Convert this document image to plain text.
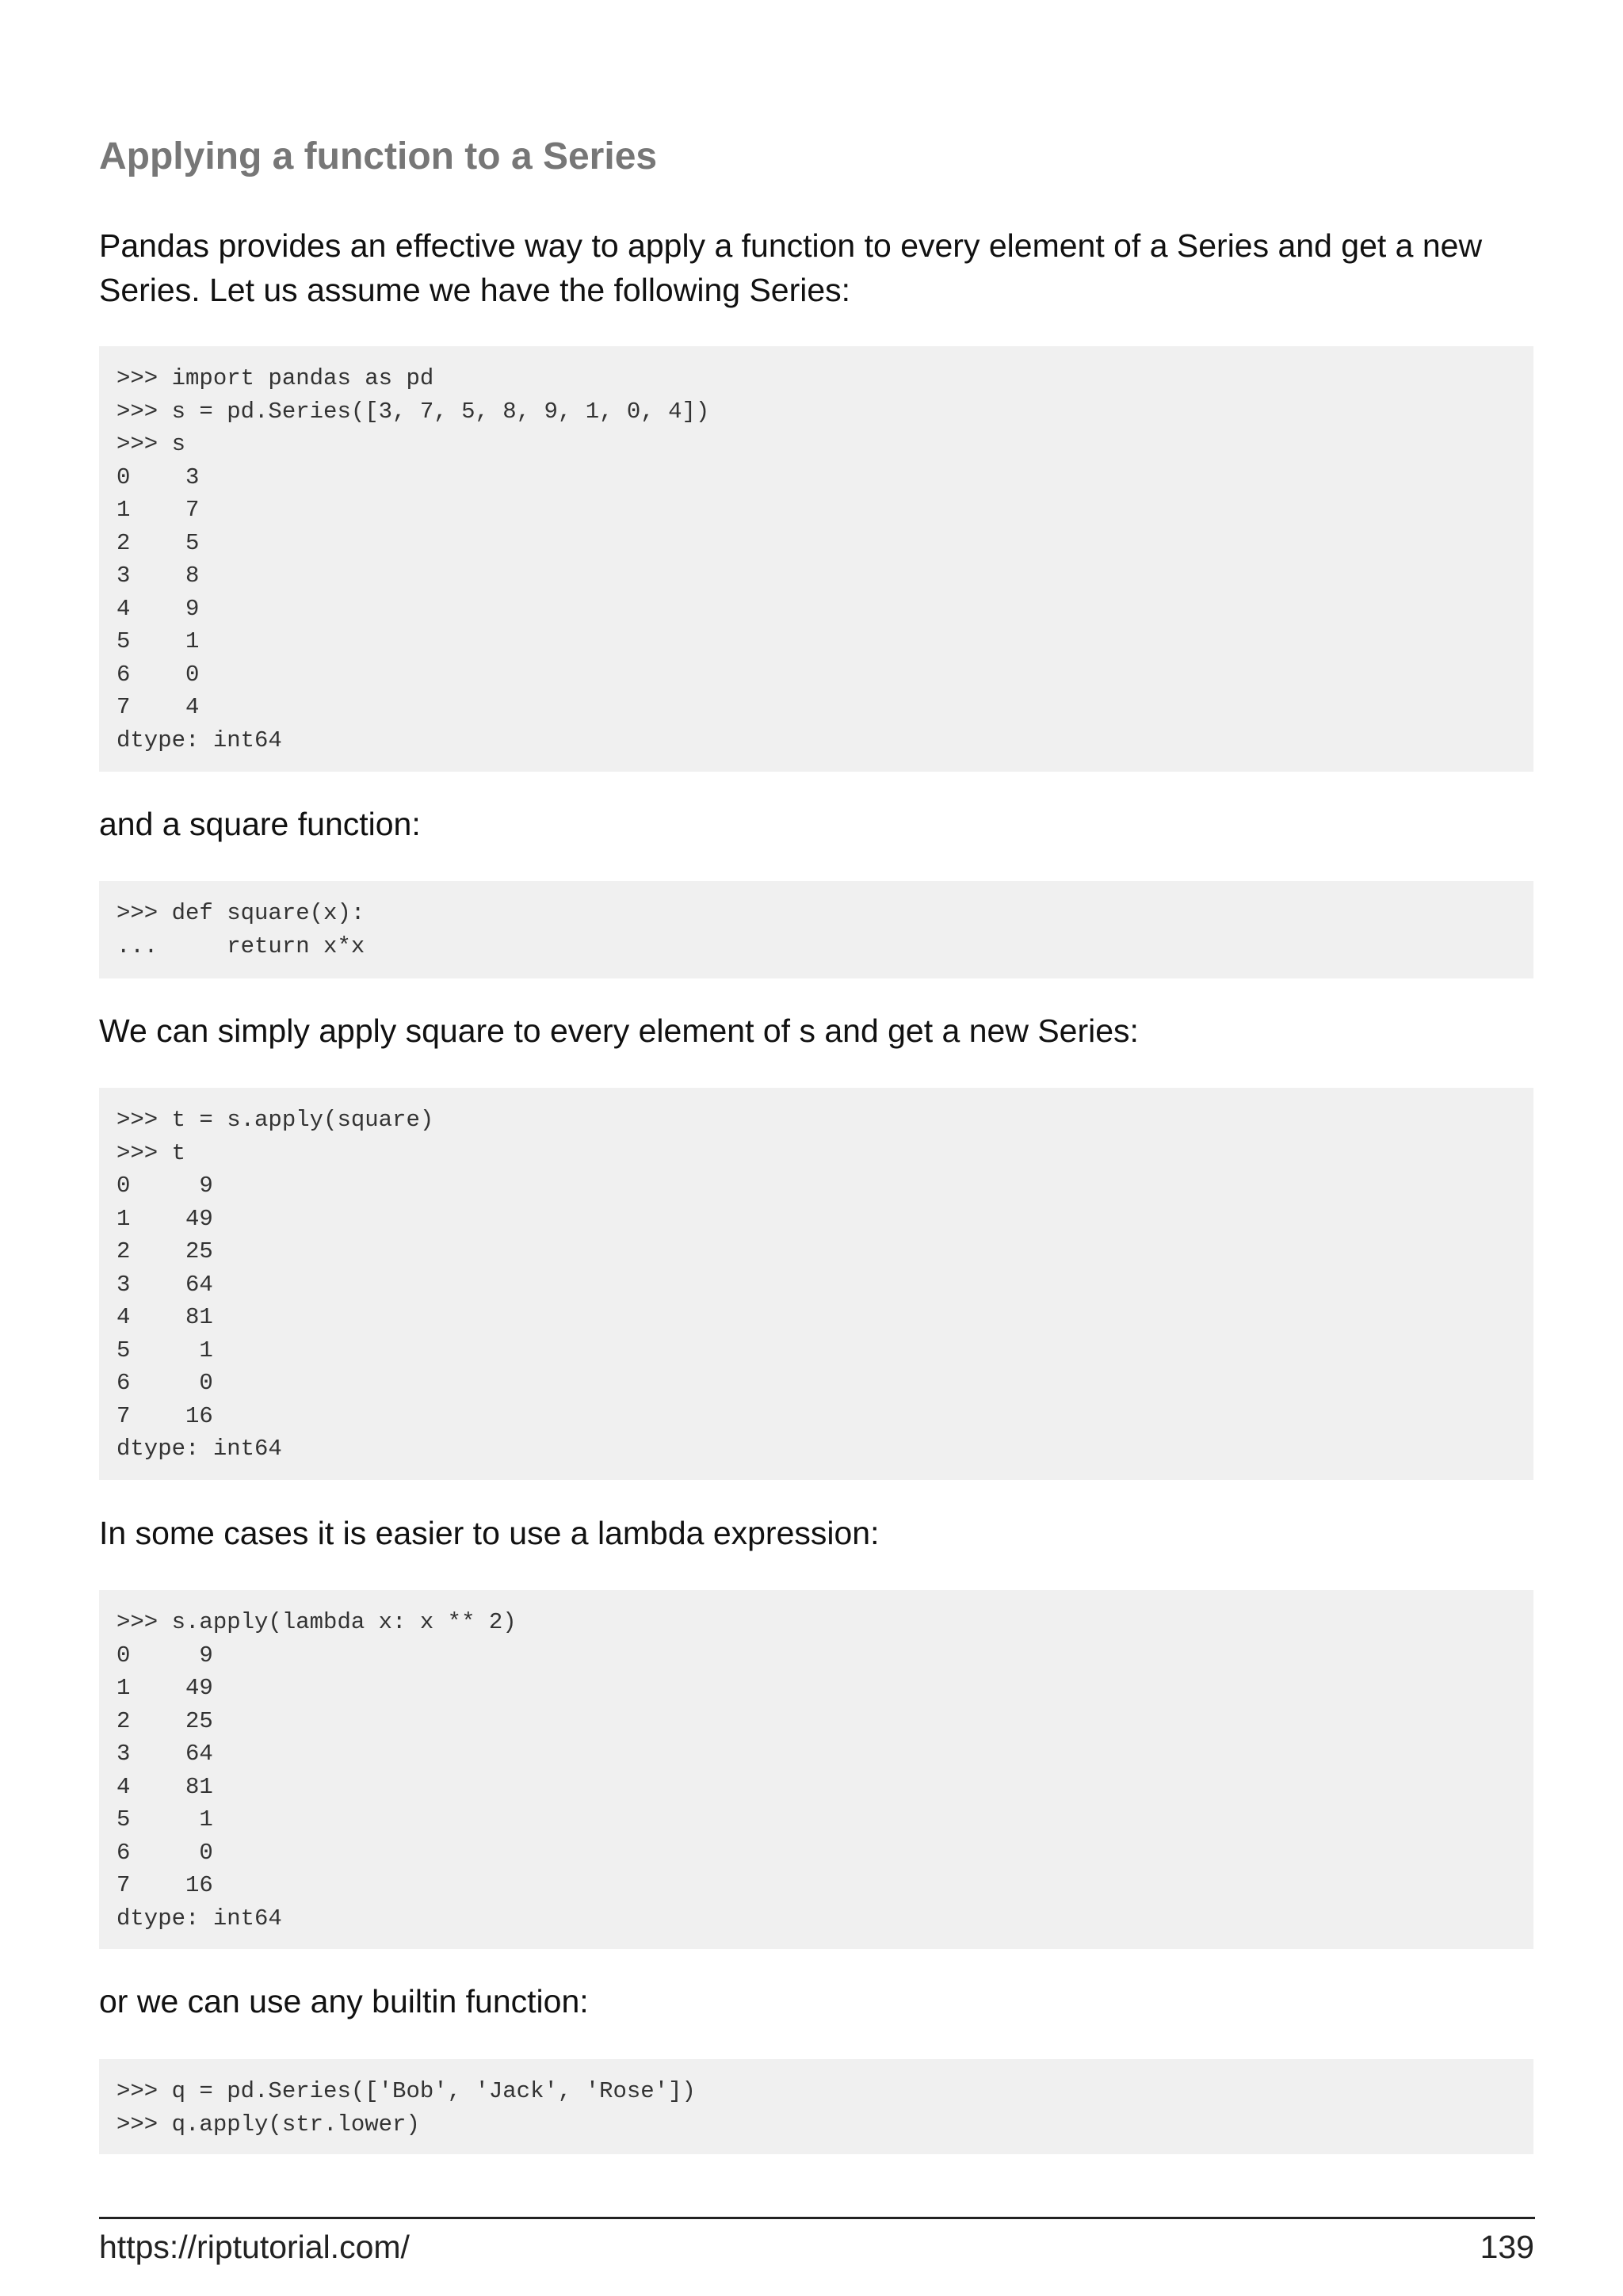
Applying a function to a Series

Pandas provides an effective way to apply a function to every element of a Series and get a new Series. Let us assume we have the following Series:

>>> import pandas as pd
>>> s = pd.Series([3, 7, 5, 8, 9, 1, 0, 4])
>>> s
0    3
1    7
2    5
3    8
4    9
5    1
6    0
7    4
dtype: int64

and a square function:

>>> def square(x):
...     return x*x

We can simply apply square to every element of s and get a new Series:

>>> t = s.apply(square)
>>> t
0     9
1    49
2    25
3    64
4    81
5     1
6     0
7    16
dtype: int64

In some cases it is easier to use a lambda expression:

>>> s.apply(lambda x: x ** 2)
0     9
1    49
2    25
3    64
4    81
5     1
6     0
7    16
dtype: int64

or we can use any builtin function:

>>> q = pd.Series(['Bob', 'Jack', 'Rose'])
>>> q.apply(str.lower)
https://riptutorial.com/	139
